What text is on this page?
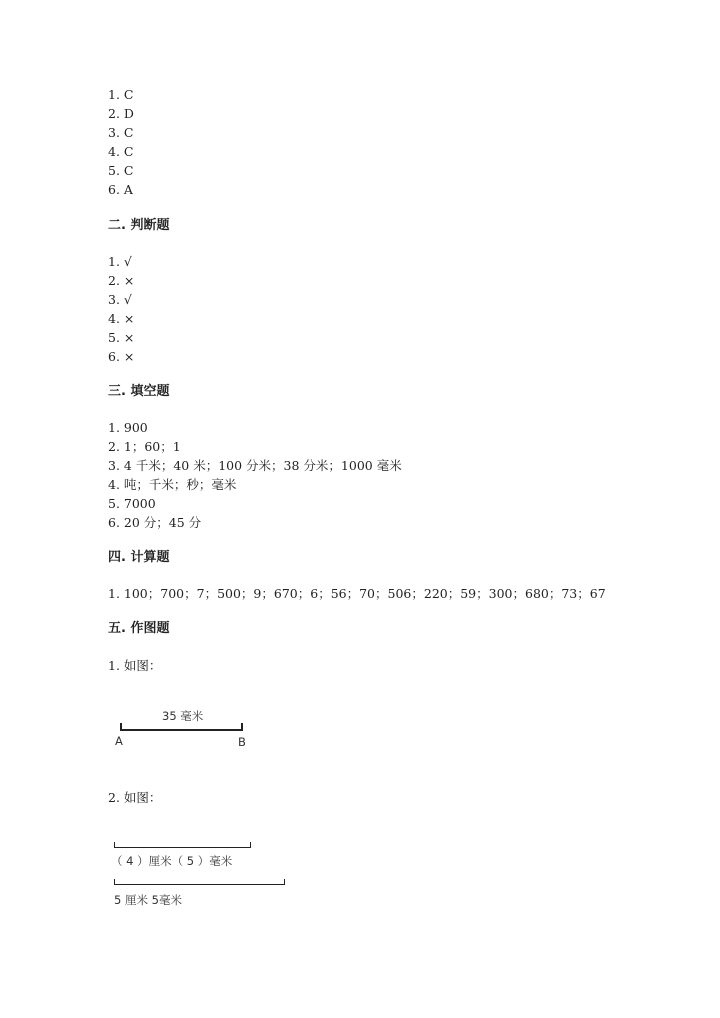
1. C
2. D
3. C
4. C
5. C
6. A
二. 判断题
1. √
2. ×
3. √
4. ×
5. ×
6. ×
三. 填空题
1. 900
2. 1；60；1
3. 4 千米；40 米；100 分米；38 分米；1000 毫米
4. 吨；千米；秒；毫米
5. 7000
6. 20 分；45 分
四. 计算题
1. 100；700；7；500；9；670；6；56；70；506；220；59；300；680；73；67
五. 作图题
1. 如图：
35 毫米
A	B
2. 如图：
（ 4 ）厘米（ 5 ）毫米
5 厘米 5毫米
